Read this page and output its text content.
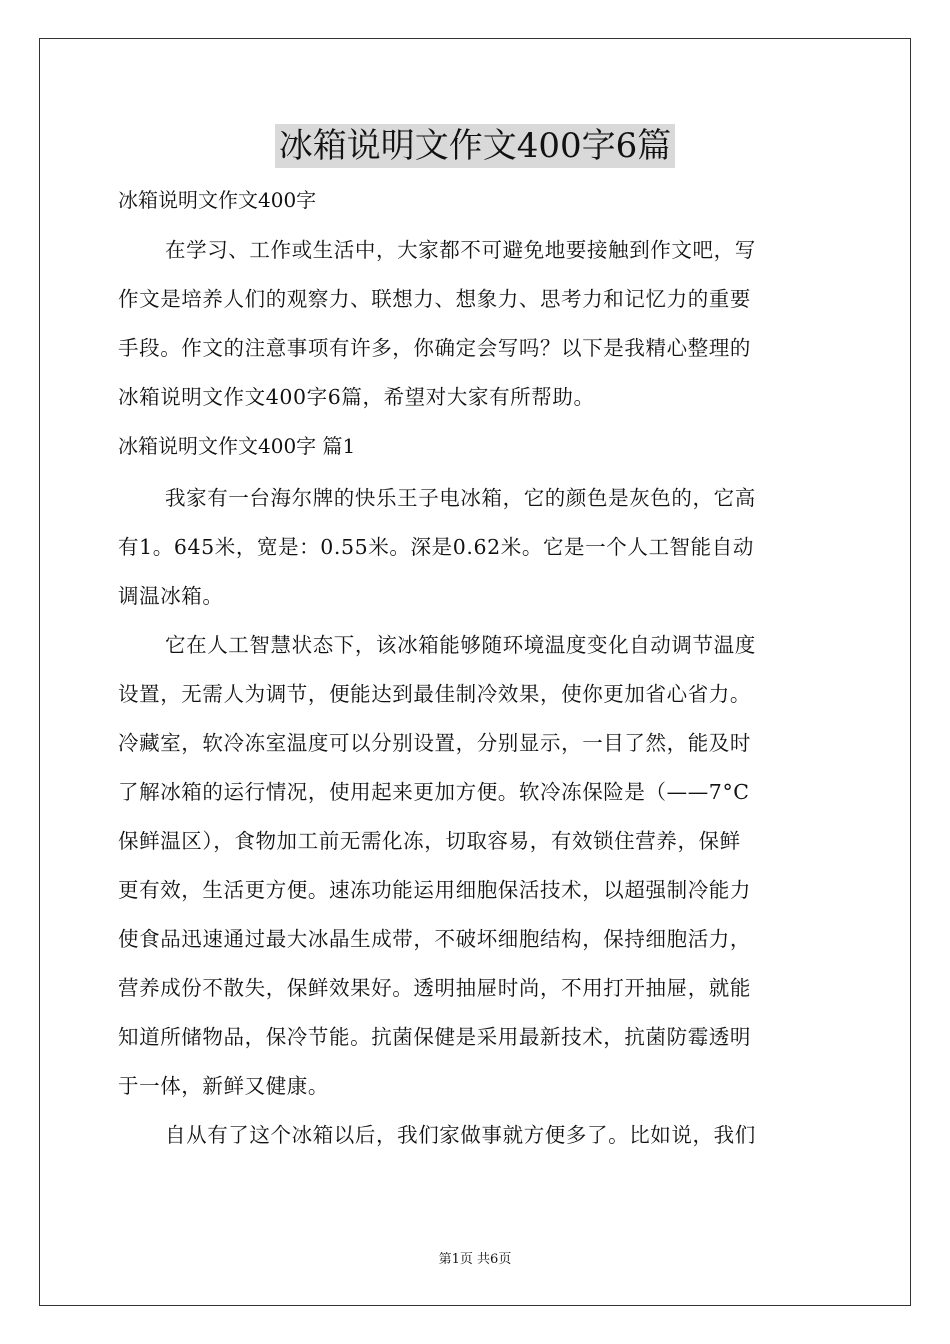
冰箱说明文作文400字6篇
冰箱说明文作文400字
在学习、工作或生活中，大家都不可避免地要接触到作文吧，写
作文是培养人们的观察力、联想力、想象力、思考力和记忆力的重要
手段。作文的注意事项有许多，你确定会写吗？以下是我精心整理的
冰箱说明文作文400字6篇，希望对大家有所帮助。
冰箱说明文作文400字 篇1
我家有一台海尔牌的快乐王子电冰箱，它的颜色是灰色的，它高
有1。645米，宽是：0.55米。深是0.62米。它是一个人工智能自动
调温冰箱。
它在人工智慧状态下，该冰箱能够随环境温度变化自动调节温度
设置，无需人为调节，便能达到最佳制冷效果，使你更加省心省力。
冷藏室，软冷冻室温度可以分别设置，分别显示，一目了然，能及时
了解冰箱的运行情况，使用起来更加方便。软冷冻保险是（——7°C
保鲜温区），食物加工前无需化冻，切取容易，有效锁住营养，保鲜
更有效，生活更方便。速冻功能运用细胞保活技术，以超强制冷能力
使食品迅速通过最大冰晶生成带，不破坏细胞结构，保持细胞活力，
营养成份不散失，保鲜效果好。透明抽屉时尚，不用打开抽屉，就能
知道所储物品，保冷节能。抗菌保健是采用最新技术，抗菌防霉透明
于一体，新鲜又健康。
自从有了这个冰箱以后，我们家做事就方便多了。比如说，我们
第1页 共6页
